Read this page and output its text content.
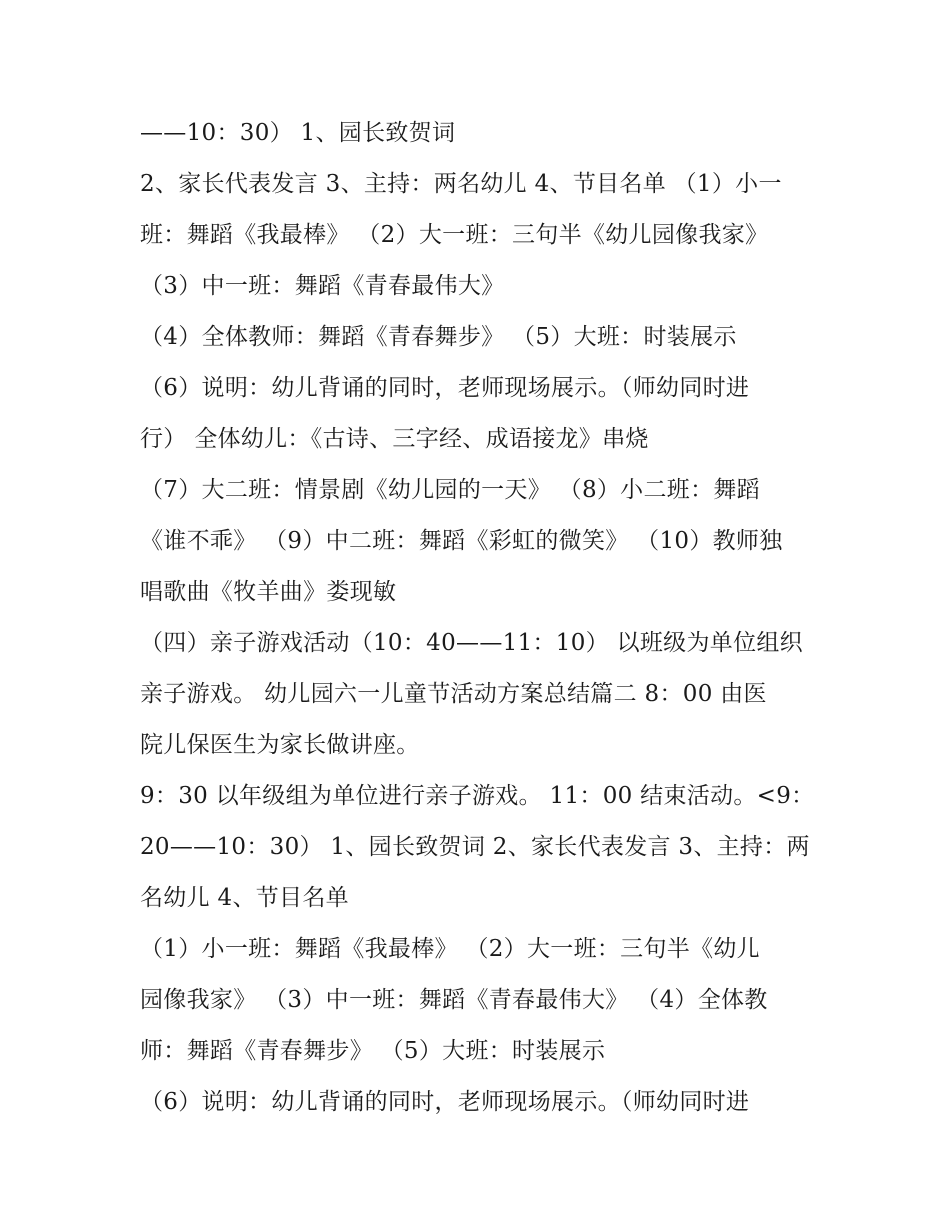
——10：30） 1、园长致贺词
2、家长代表发言 3、主持：两名幼儿 4、节目名单 （1）小一
班：舞蹈《我最棒》 （2）大一班：三句半《幼儿园像我家》
（3）中一班：舞蹈《青春最伟大》
（4）全体教师：舞蹈《青春舞步》 （5）大班：时装展示
（6）说明：幼儿背诵的同时，老师现场展示。（师幼同时进
行） 全体幼儿：《古诗、三字经、成语接龙》串烧
（7）大二班：情景剧《幼儿园的一天》 （8）小二班：舞蹈
《谁不乖》 （9）中二班：舞蹈《彩虹的微笑》 （10）教师独
唱歌曲《牧羊曲》娄现敏
（四）亲子游戏活动（10：40——11：10） 以班级为单位组织
亲子游戏。 幼儿园六一儿童节活动方案总结篇二 8：00 由医
院儿保医生为家长做讲座。
9：30 以年级组为单位进行亲子游戏。 11：00 结束活动。<9：
20——10：30） 1、园长致贺词 2、家长代表发言 3、主持：两
名幼儿 4、节目名单
（1）小一班：舞蹈《我最棒》 （2）大一班：三句半《幼儿
园像我家》 （3）中一班：舞蹈《青春最伟大》 （4）全体教
师：舞蹈《青春舞步》 （5）大班：时装展示
（6）说明：幼儿背诵的同时，老师现场展示。（师幼同时进
